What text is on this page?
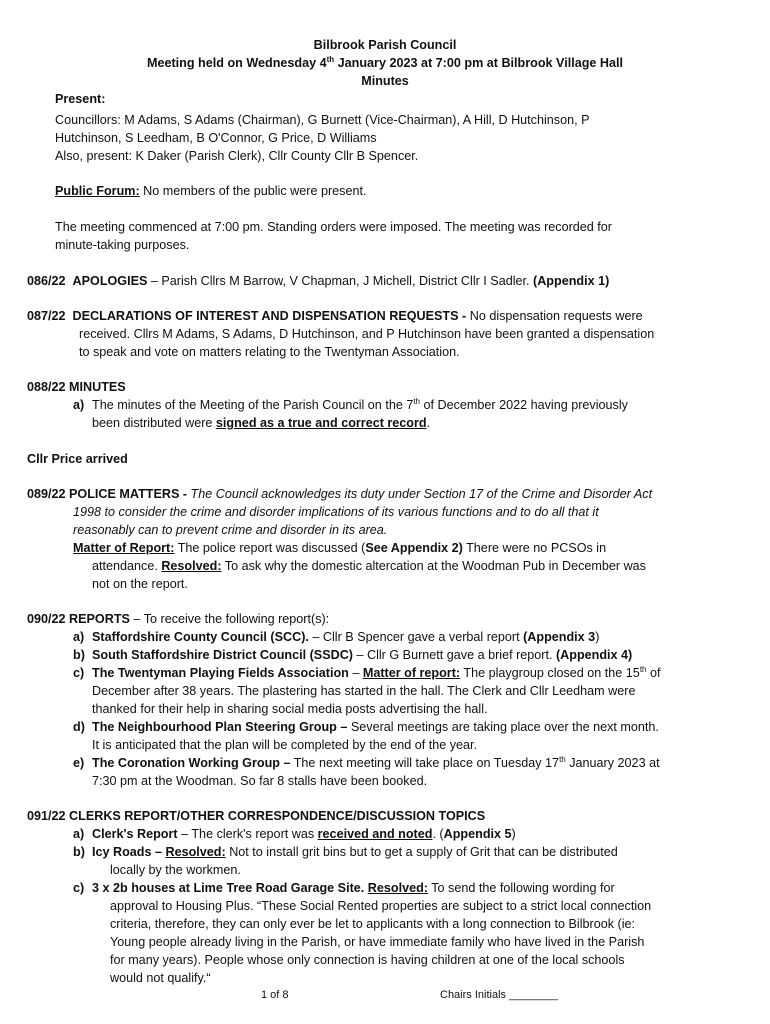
Bilbrook Parish Council
Meeting held on Wednesday 4th January 2023 at 7:00 pm at Bilbrook Village Hall
Minutes
Present:
Councillors: M Adams, S Adams (Chairman), G Burnett (Vice-Chairman), A Hill, D Hutchinson, P
Hutchinson, S Leedham, B O'Connor, G Price, D Williams
Also, present: K Daker (Parish Clerk), Cllr County Cllr B Spencer.
Public Forum: No members of the public were present.
The meeting commenced at 7:00 pm. Standing orders were imposed. The meeting was recorded for
minute-taking purposes.
086/22 APOLOGIES – Parish Cllrs M Barrow, V Chapman, J Michell, District Cllr I Sadler. (Appendix 1)
087/22 DECLARATIONS OF INTEREST AND DISPENSATION REQUESTS - No dispensation requests were
received. Cllrs M Adams, S Adams, D Hutchinson, and P Hutchinson have been granted a dispensation
to speak and vote on matters relating to the Twentyman Association.
088/22 MINUTES
a) The minutes of the Meeting of the Parish Council on the 7th of December 2022 having previously
been distributed were signed as a true and correct record.
Cllr Price arrived
089/22 POLICE MATTERS - The Council acknowledges its duty under Section 17 of the Crime and Disorder Act
1998 to consider the crime and disorder implications of its various functions and to do all that it
reasonably can to prevent crime and disorder in its area.
Matter of Report: The police report was discussed (See Appendix 2) There were no PCSOs in
attendance. Resolved: To ask why the domestic altercation at the Woodman Pub in December was
not on the report.
090/22 REPORTS – To receive the following report(s):
a) Staffordshire County Council (SCC). – Cllr B Spencer gave a verbal report (Appendix 3)
b) South Staffordshire District Council (SSDC) – Cllr G Burnett gave a brief report. (Appendix 4)
c) The Twentyman Playing Fields Association – Matter of report: The playgroup closed on the 15th of
December after 38 years. The plastering has started in the hall. The Clerk and Cllr Leedham were
thanked for their help in sharing social media posts advertising the hall.
d) The Neighbourhood Plan Steering Group – Several meetings are taking place over the next month.
It is anticipated that the plan will be completed by the end of the year.
e) The Coronation Working Group – The next meeting will take place on Tuesday 17th January 2023 at
7:30 pm at the Woodman. So far 8 stalls have been booked.
091/22 CLERKS REPORT/OTHER CORRESPONDENCE/DISCUSSION TOPICS
a) Clerk's Report – The clerk's report was received and noted. (Appendix 5)
b) Icy Roads – Resolved: Not to install grit bins but to get a supply of Grit that can be distributed
locally by the workmen.
c) 3 x 2b houses at Lime Tree Road Garage Site. Resolved: To send the following wording for
approval to Housing Plus. “These Social Rented properties are subject to a strict local connection
criteria, therefore, they can only ever be let to applicants with a long connection to Bilbrook (ie:
Young people already living in the Parish, or have immediate family who have lived in the Parish
for many years). People whose only connection is having children at one of the local schools
would not qualify.“
1 of 8	Chairs Initials ________
